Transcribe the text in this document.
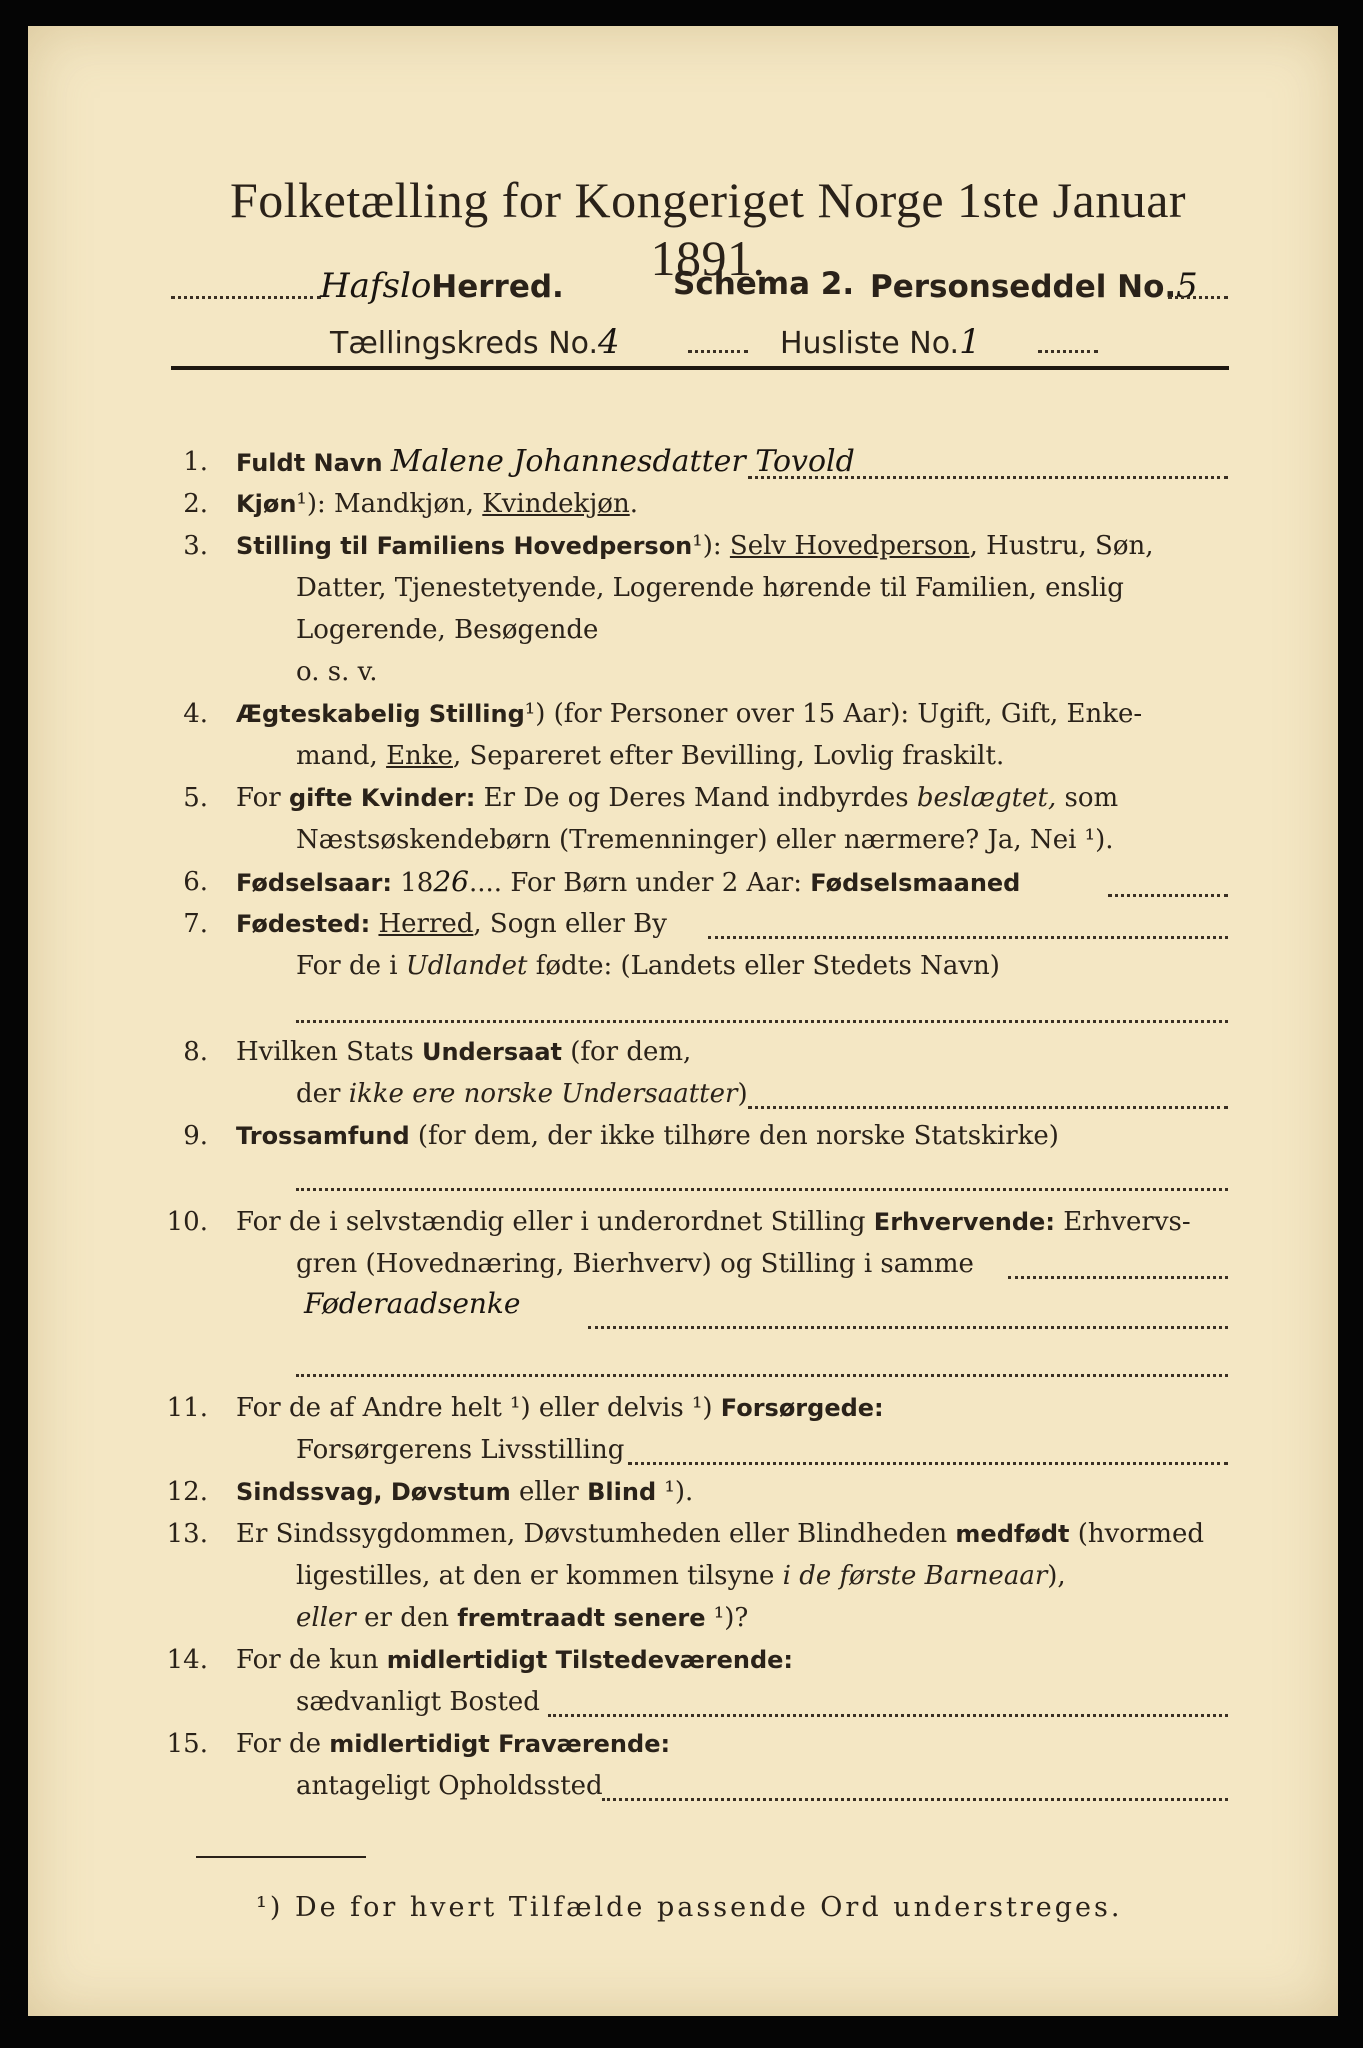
Folketælling for Kongeriget Norge 1ste Januar 1891.
HafsloHerred.	Schema 2. Personseddel No.5
Tællingskreds No.4	Husliste No.1
1. Fuldt Navn Malene Johannesdatter Tovold
2. Kjøn¹): Mandkjøn, Kvindekjøn.
3. Stilling til Familiens Hovedperson¹): Selv Hovedperson, Hustru, Søn,
Datter, Tjenestetyende, Logerende hørende til Familien, enslig
Logerende, Besøgende
o. s. v.
4. Ægteskabelig Stilling¹) (for Personer over 15 Aar): Ugift, Gift, Enke-
mand, Enke, Separeret efter Bevilling, Lovlig fraskilt.
5. For gifte Kvinder: Er De og Deres Mand indbyrdes beslægtet, som
Næstsøskendebørn (Tremenninger) eller nærmere? Ja, Nei ¹).
6. Fødselsaar: 1826.... For Børn under 2 Aar: Fødselsmaaned
7. Fødested: Herred, Sogn eller By
For de i Udlandet fødte: (Landets eller Stedets Navn)
8. Hvilken Stats Undersaat (for dem,
der ikke ere norske Undersaatter)
9. Trossamfund (for dem, der ikke tilhøre den norske Statskirke)
10. For de i selvstændig eller i underordnet Stilling Erhvervende: Erhvervs-
gren (Hovednæring, Bierhverv) og Stilling i samme
Føderaadsenke
11. For de af Andre helt ¹) eller delvis ¹) Forsørgede:
Forsørgerens Livsstilling
12. Sindssvag, Døvstum eller Blind ¹).
13. Er Sindssygdommen, Døvstumheden eller Blindheden medfødt (hvormed
ligestilles, at den er kommen tilsyne i de første Barneaar),
eller er den fremtraadt senere ¹)?
14. For de kun midlertidigt Tilstedeværende:
sædvanligt Bosted
15. For de midlertidigt Fraværende:
antageligt Opholdssted
¹) De for hvert Tilfælde passende Ord understreges.
